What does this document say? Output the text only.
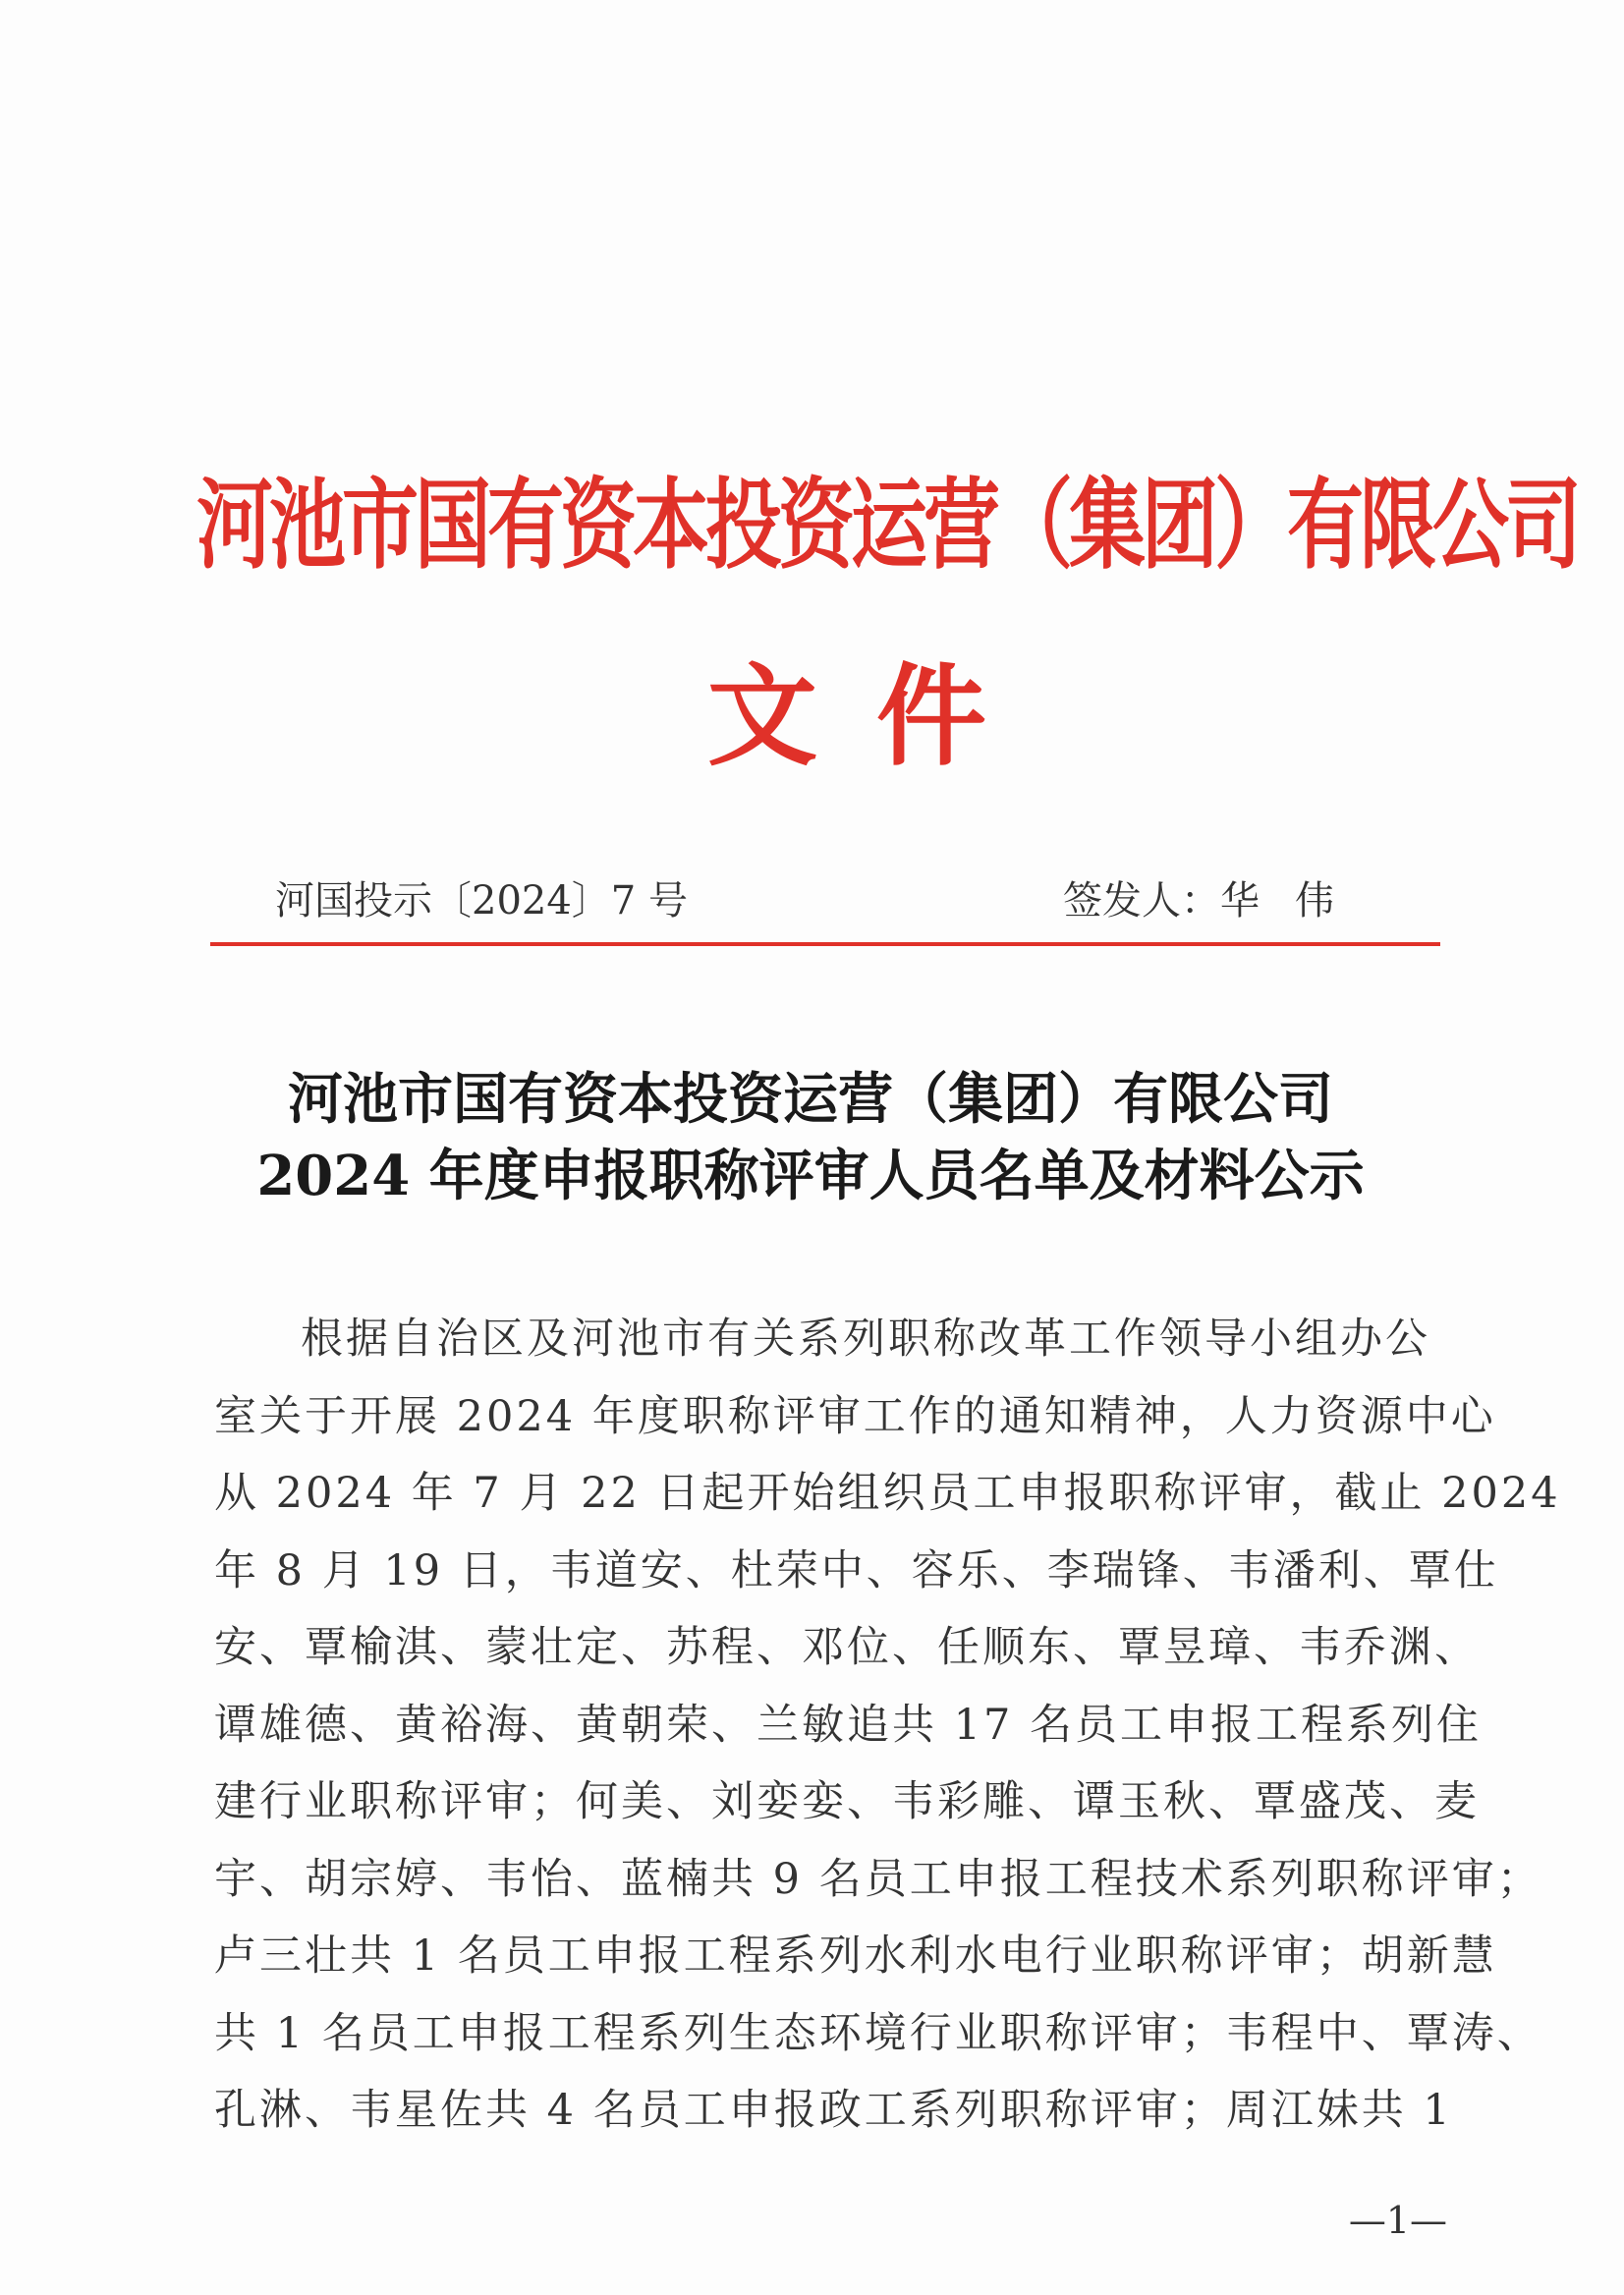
河池市国有资本投资运营（集团）有限公司
文件
河国投示〔2024〕7 号	签发人：华伟
河池市国有资本投资运营（集团）有限公司
2024 年度申报职称评审人员名单及材料公示
根据自治区及河池市有关系列职称改革工作领导小组办公
室关于开展 2024 年度职称评审工作的通知精神，人力资源中心
从 2024 年 7 月 22 日起开始组织员工申报职称评审，截止 2024
年 8 月 19 日，韦道安、杜荣中、容乐、李瑞锋、韦潘利、覃仕
安、覃榆淇、蒙壮定、苏程、邓位、任顺东、覃昱璋、韦乔渊、
谭雄德、黄裕海、黄朝荣、兰敏追共 17 名员工申报工程系列住
建行业职称评审；何美、刘娈娈、韦彩雕、谭玉秋、覃盛茂、麦
宇、胡宗婷、韦怡、蓝楠共 9 名员工申报工程技术系列职称评审；
卢三壮共 1 名员工申报工程系列水利水电行业职称评审；胡新慧
共 1 名员工申报工程系列生态环境行业职称评审；韦程中、覃涛、
孔淋、韦星佐共 4 名员工申报政工系列职称评审；周江妹共 1
—1—
